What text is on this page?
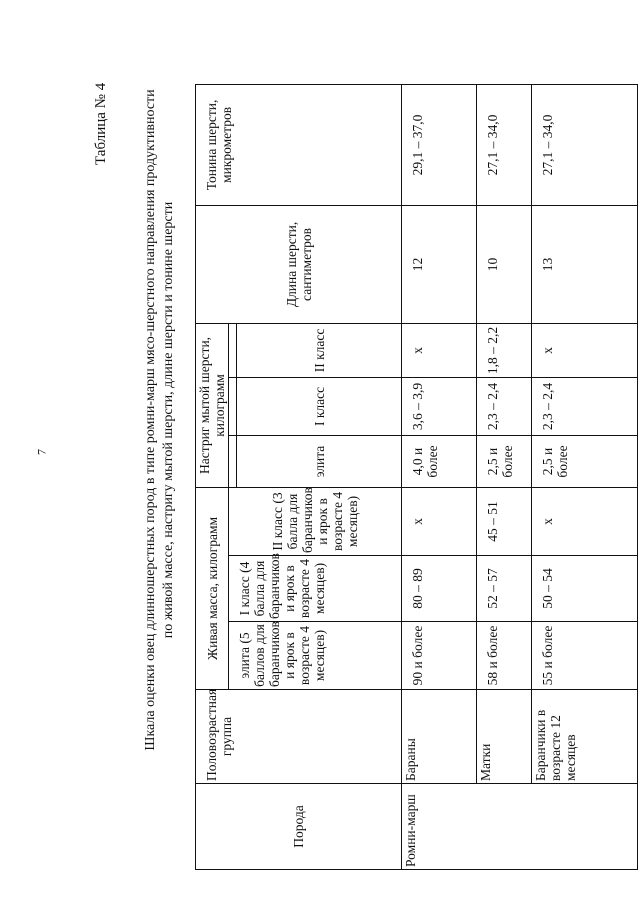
7
Таблица № 4 Шкала оценки овец длинношерстных пород в типе ромни-марш мясо-шерстного направления продуктивности по живой массе, настригу мытой шерсти, длине шерсти и тонине шерсти
Порода	Половозрастная группа	Живая масса, килограмм			Настриг мытой шерсти, килограмм			Длина шерсти, сантиметров	Тонина шерсти, микрометров
		элита (5 баллов для баранчиков и ярок в возрасте 4 месяцев)	I класс (4 балла для баранчиков и ярок в возрасте 4 месяцев)	II класс (3 балла для баранчиков и ярок в возрасте 4 месяцев)					
					элита	I класс	II класс		
Ромни-марш	Бараны	90 и более	80 – 89	х	4,0 и более	3,6 – 3,9	х	12	29,1 – 37,0
	Матки	58 и более	52 – 57	45 – 51	2,5 и более	2,3 – 2,4	1,8 – 2,2	10	27,1 – 34,0
	Баранчики в возрасте 12 месяцев	55 и более	50 – 54	х	2,5 и более	2,3 – 2,4	х	13	27,1 – 34,0
